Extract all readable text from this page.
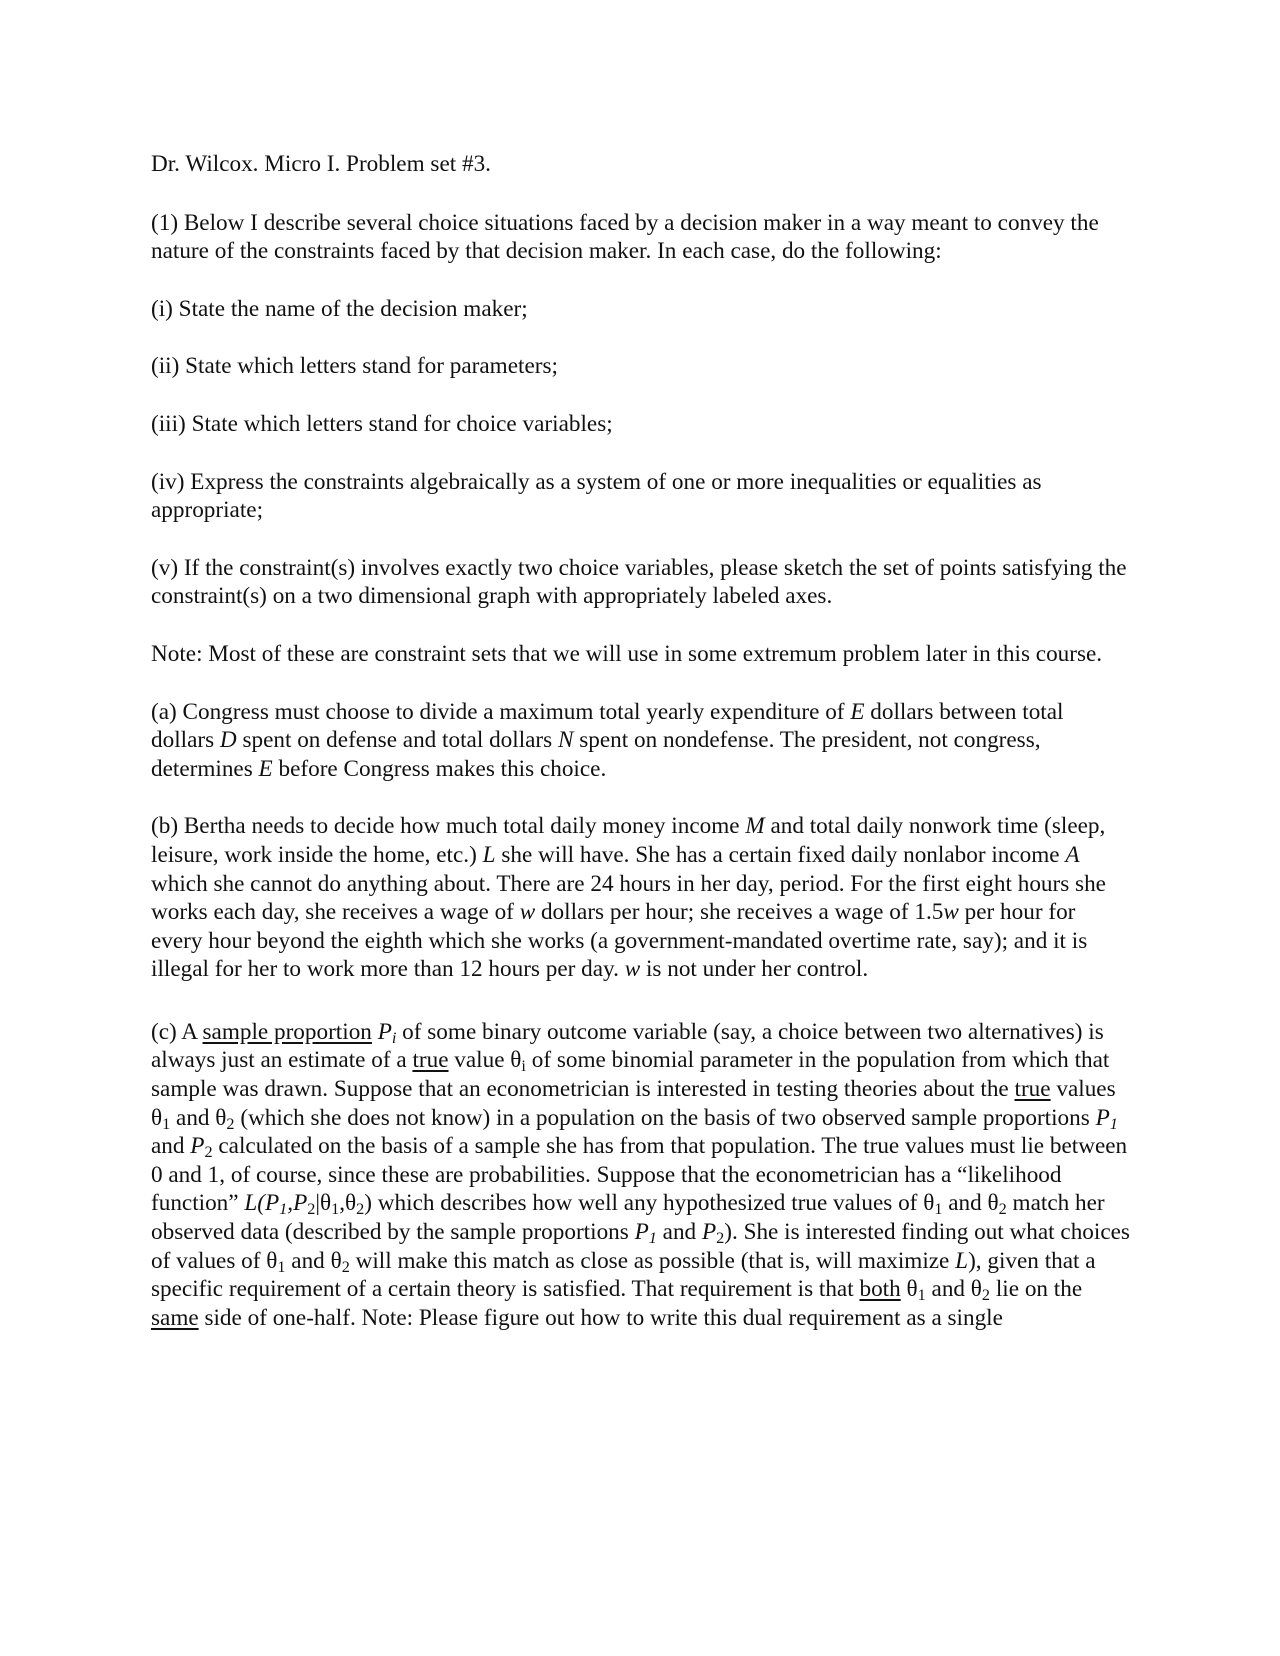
Dr. Wilcox. Micro I. Problem set #3.
(1) Below I describe several choice situations faced by a decision maker in a way meant to convey the nature of the constraints faced by that decision maker. In each case, do the following:
(i) State the name of the decision maker;
(ii) State which letters stand for parameters;
(iii) State which letters stand for choice variables;
(iv) Express the constraints algebraically as a system of one or more inequalities or equalities as appropriate;
(v) If the constraint(s) involves exactly two choice variables, please sketch the set of points satisfying the constraint(s) on a two dimensional graph with appropriately labeled axes.
Note: Most of these are constraint sets that we will use in some extremum problem later in this course.
(a) Congress must choose to divide a maximum total yearly expenditure of E dollars between total dollars D spent on defense and total dollars N spent on nondefense. The president, not congress, determines E before Congress makes this choice.
(b) Bertha needs to decide how much total daily money income M and total daily nonwork time (sleep, leisure, work inside the home, etc.) L she will have. She has a certain fixed daily nonlabor income A which she cannot do anything about. There are 24 hours in her day, period. For the first eight hours she works each day, she receives a wage of w dollars per hour; she receives a wage of 1.5w per hour for every hour beyond the eighth which she works (a government-mandated overtime rate, say); and it is illegal for her to work more than 12 hours per day. w is not under her control.
(c) A sample proportion $P_i$ of some binary outcome variable (say, a choice between two alternatives) is always just an estimate of a true value $\theta_i$ of some binomial parameter in the population from which that sample was drawn. Suppose that an econometrician is interested in testing theories about the true values $\theta_1$ and $\theta_2$ (which she does not know) in a population on the basis of two observed sample proportions $P_1$ and $P_2$ calculated on the basis of a sample she has from that population. The true values must lie between 0 and 1, of course, since these are probabilities. Suppose that the econometrician has a “likelihood function” $L(P_1,P_2|\theta_1,\theta_2)$ which describes how well any hypothesized true values of $\theta_1$ and $\theta_2$ match her observed data (described by the sample proportions $P_1$ and $P_2$). She is interested finding out what choices of values of $\theta_1$ and $\theta_2$ will make this match as close as possible (that is, will maximize L), given that a specific requirement of a certain theory is satisfied. That requirement is that both $\theta_1$ and $\theta_2$ lie on the same side of one-half. Note: Please figure out how to write this dual requirement as a single
